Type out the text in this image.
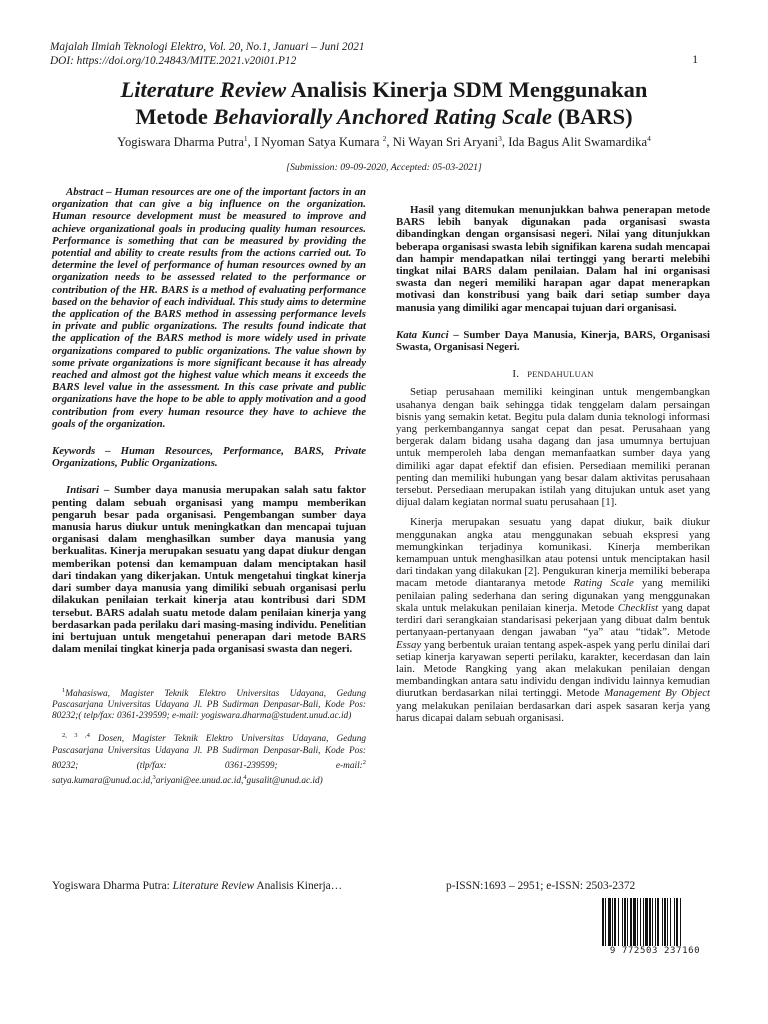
Majalah Ilmiah Teknologi Elektro, Vol. 20, No.1, Januari – Juni 2021
DOI: https://doi.org/10.24843/MITE.2021.v20i01.P12	1
Literature Review Analisis Kinerja SDM Menggunakan
Metode Behaviorally Anchored Rating Scale (BARS)
Yogiswara Dharma Putra$^1$, I Nyoman Satya Kumara $^2$, Ni Wayan Sri Aryani$^3$, Ida Bagus Alit Swamardika$^4$
[Submission: 09-09-2020, Accepted: 05-03-2021]

Abstract – Human resources are one of the important factors in an organization that can give a big influence on the organization. Human resource development must be measured to improve and achieve organizational goals in producing quality human resources. Performance is something that can be measured by providing the potential and ability to create results from the actions carried out. To determine the level of performance of human resources owned by an organization needs to be assessed related to the performance or contribution of the HR. BARS is a method of evaluating performance based on the behavior of each individual. This study aims to determine the application of the BARS method in assessing performance levels in private and public organizations. The results found indicate that the application of the BARS method is more widely used in private organizations compared to public organizations. The value shown by some private organizations is more significant because it has already reached and almost got the highest value which means it exceeds the BARS level value in the assessment. In this case private and public organizations have the hope to be able to apply motivation and a good contribution from every human resource they have to achieve the goals of the organization.

Keywords – Human Resources, Performance, BARS, Private Organizations, Public Organizations.

Intisari – Sumber daya manusia merupakan salah satu faktor penting dalam sebuah organisasi yang mampu memberikan pengaruh besar pada organisasi. Pengembangan sumber daya manusia harus diukur untuk meningkatkan dan mencapai tujuan organisasi dalam menghasilkan sumber daya manusia yang berkualitas. Kinerja merupakan sesuatu yang dapat diukur dengan memberikan potensi dan kemampuan dalam menciptakan hasil dari tindakan yang dikerjakan. Untuk mengetahui tingkat kinerja dari sumber daya manusia yang dimiliki sebuah organisasi perlu dilakukan penilaian terkait kinerja atau kontribusi dari SDM tersebut. BARS adalah suatu metode dalam penilaian kinerja yang berdasarkan pada perilaku dari masing-masing individu. Penelitian ini bertujuan untuk mengetahui penerapan dari metode BARS dalam menilai tingkat kinerja pada organisasi swasta dan negeri.

$^1$Mahasiswa, Magister Teknik Elektro Universitas Udayana, Gedung Pascasarjana Universitas Udayana Jl. PB Sudirman Denpasar-Bali, Kode Pos: 80232;( telp/fax: 0361-239599; e-mail: yogiswara.dharma@student.unud.ac.id)

$^{2, 3 ,4}$ Dosen, Magister Teknik Elektro Universitas Udayana, Gedung Pascasarjana Universitas Udayana Jl. PB Sudirman Denpasar-Bali, Kode Pos: 80232; (tlp/fax: 0361-239599; e-mail:$^2$ satya.kumara@unud.ac.id,$^3$ariyani@ee.unud.ac.id,$^4$gusalit@unud.ac.id)

Hasil yang ditemukan menunjukkan bahwa penerapan metode BARS lebih banyak digunakan pada organisasi swasta dibandingkan dengan organsisasi negeri. Nilai yang ditunjukkan beberapa organisasi swasta lebih signifikan karena sudah mencapai dan hampir mendapatkan nilai tertinggi yang berarti melebihi tingkat nilai BARS dalam penilaian. Dalam hal ini organisasi swasta dan negeri memiliki harapan agar dapat menerapkan motivasi dan konstribusi yang baik dari setiap sumber daya manusia yang dimiliki agar mencapai tujuan dari organisasi.

Kata Kunci – Sumber Daya Manusia, Kinerja, BARS, Organisasi Swasta, Organisasi Negeri.

I. PENDAHULUAN

Setiap perusahaan memiliki keinginan untuk mengembangkan usahanya dengan baik sehingga tidak tenggelam dalam persaingan bisnis yang semakin ketat. Begitu pula dalam dunia teknologi informasi yang perkembangannya sangat cepat dan pesat. Perusahaan yang bergerak dalam bidang usaha dagang dan jasa umumnya bertujuan untuk memperoleh laba dengan memanfaatkan sumber daya yang dimiliki agar dapat efektif dan efisien. Persediaan memiliki peranan penting dan memiliki hubungan yang besar dalam aktivitas perusahaan tersebut. Persediaan merupakan istilah yang ditujukan untuk aset yang dijual dalam kegiatan normal suatu perusahaan [1].

Kinerja merupakan sesuatu yang dapat diukur, baik diukur menggunakan angka atau menggunakan sebuah ekspresi yang memungkinkan terjadinya komunikasi. Kinerja memberikan kemampuan untuk menghasilkan atau potensi untuk menciptakan hasil dari tindakan yang dilakukan [2]. Pengukuran kinerja memiliki beberapa macam metode diantaranya metode Rating Scale yang memiliki penilaian paling sederhana dan sering digunakan yang menggunakan skala untuk melakukan penilaian kinerja. Metode Checklist yang dapat terdiri dari serangkaian standarisasi pekerjaan yang dibuat dalm bentuk pertanyaan-pertanyaan dengan jawaban “ya” atau “tidak”. Metode Essay yang berbentuk uraian tentang aspek-aspek yang perlu dinilai dari setiap kinerja karyawan seperti perilaku, karakter, kecerdasan dan lain lain. Metode Rangking yang akan melakukan penilaian dengan membandingkan antara satu individu dengan individu lainnya kemudian diurutkan berdasarkan nilai tertinggi. Metode Management By Object yang melakukan penilaian berdasarkan dari aspek sasaran kerja yang harus dicapai dalam sebuah organisasi.

Yogiswara Dharma Putra: Literature Review Analisis Kinerja…	p-ISSN:1693 – 2951; e-ISSN: 2503-2372
9 772503 237160
